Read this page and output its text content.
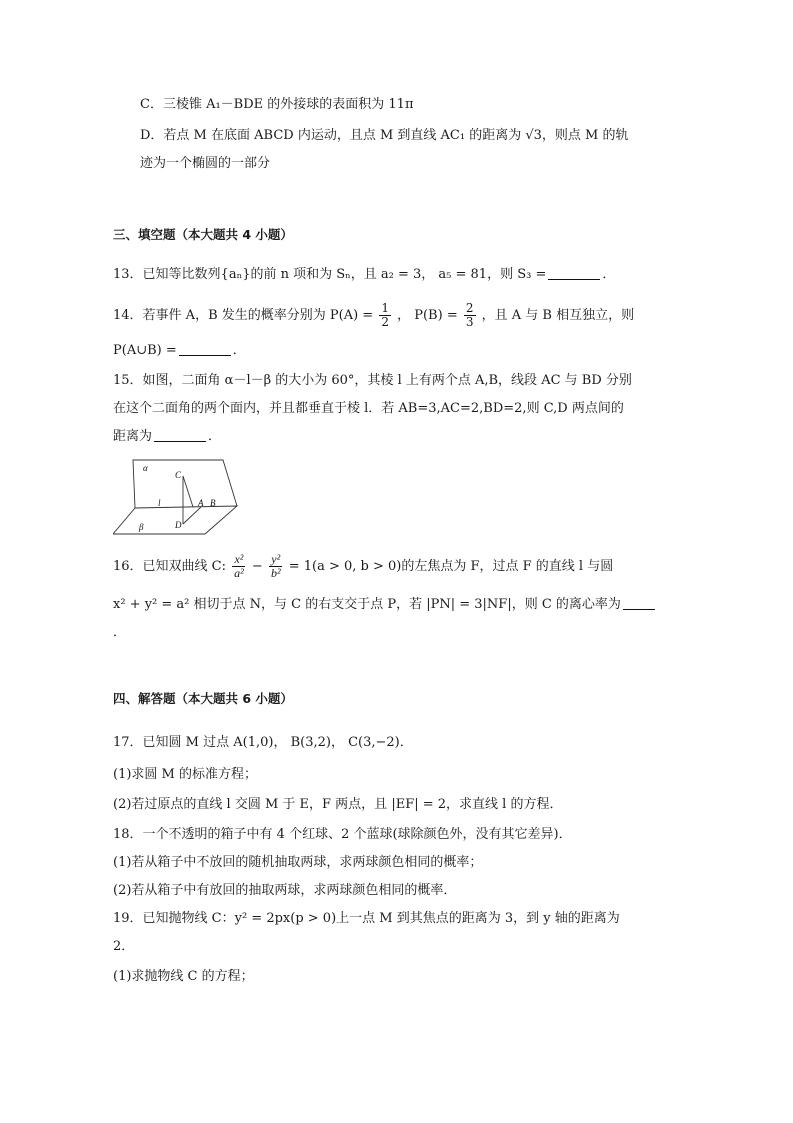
C．三棱锥 A₁－BDE 的外接球的表面积为 11π
D．若点 M 在底面 ABCD 内运动，且点 M 到直线 AC₁ 的距离为 √3，则点 M 的轨
迹为一个椭圆的一部分
三、填空题（本大题共 4 小题）
13．已知等比数列{aₙ}的前 n 项和为 Sₙ，且 a₂ = 3， a₅ = 81，则 S₃ =	．
14．若事件 A，B 发生的概率分别为 $P(A) = \frac{1}{2}$ ， $P(B) = \frac{2}{3}$ ，且 A 与 B 相互独立，则
P(A∪B) =	．
15．如图，二面角 α－l－β 的大小为 60°，其棱 l 上有两个点 A,B，线段 AC 与 BD 分别
在这个二面角的两个面内，并且都垂直于棱 l．若 AB=3,AC=2,BD=2,则 C,D 两点间的
距离为	．
α
β
l
C
A B
D
16．已知双曲线 C: $\frac{\text{x²}}{\text{a²}} - \frac{\text{y²}}{\text{b²}} = 1(a > 0$, b > 0)的左焦点为 F，过点 F 的直线 l 与圆
x² + y² = a² 相切于点 N，与 C 的右支交于点 P，若 |PN| = 3|NF|，则 C 的离心率为
．
四、解答题（本大题共 6 小题）
17．已知圆 M 过点 A(1,0)， B(3,2)， C(3,−2)．
(1)求圆 M 的标准方程；
(2)若过原点的直线 l 交圆 M 于 E，F 两点，且 |EF| = 2，求直线 l 的方程．
18．一个不透明的箱子中有 4 个红球、2 个蓝球(球除颜色外，没有其它差异)．
(1)若从箱子中不放回的随机抽取两球，求两球颜色相同的概率；
(2)若从箱子中有放回的抽取两球，求两球颜色相同的概率．
19．已知抛物线 C：y² = 2px(p > 0)上一点 M 到其焦点的距离为 3，到 y 轴的距离为
2．
(1)求抛物线 C 的方程；
